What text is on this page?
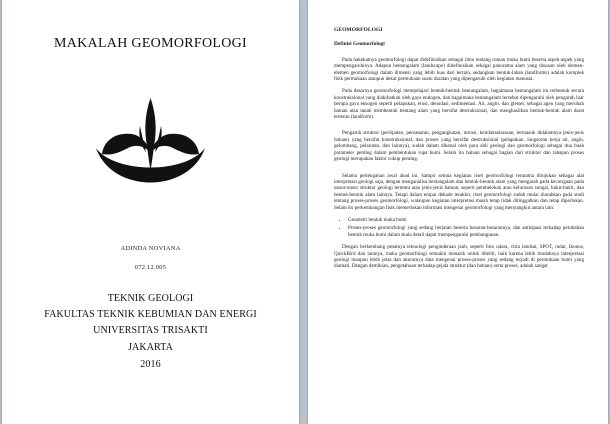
MAKALAH GEOMORFOLOGI
ADINDA NOVIANA
072.12.005
TEKNIK GEOLOGI
FAKULTAS TEKNIK KEBUMIAN DAN ENERGI
UNIVERSITAS TRISAKTI
JAKARTA
2016
GEOMORFOLOGI
Definisi Geomorfologi

Pada hakekatnya geomorfologi dapat didefinisikan sebagai ilmu tentang roman muka bumi beserta aspek-aspek yang mempengaruhinya. Adapun bentangalam (landscape) didefinisikan sebagai panorama alam yang disusun oleh elemen-elemen geomorfologi dalam dimensi yang lebih luas dari terrain, sedangkan bentuk-lahan (landforms) adalah komplek fisik permukaan ataupun dekat permukaan suatu daratan yang dipengaruhi oleh kegiatan manusia.

Pada dasarnya geomorfologi mempelajari bentuk-bentuk bentangalam, bagaimana bentangalam itu terbentuk secara konstruksional yang diakibatkan oleh gaya endogen, dan bagaimana bentangalam tersebut dipengaruhi oleh pengaruh luar berupa gaya eksogen seperti pelapukan, erosi, denudasi, sedimentasi. Air, angin, dan gletser, sebagai agen yang merubah batuan atau tanah membentuk bentang alam yang bersifat destruksional, dan menghasilkan bentuk-bentuk alam darat tertentu (landform).

Pengaruh struktur (perlipatan, pensesaran, pengangkatan, intrusi, ketidakselarasan, termasuk didalamnya jenis-jenis batuan) yang bersifat konstruksional, dan proses yang bersifat destruksional (pelapukan, longsoran kerja air, angin, gelombang, pelarutan, dan lainnya), sudah dalam dikenal oleh para ahli geologi dan geomorfologi sebagai dua buah parameter penting dalam pembentukan rupa bumi. Selain itu batuan sebagai bagian dari struktur dan tahapan proses geologi merupakan faktor cukup penting.

Selama pertengahan awal abad ini, hampir semua kegiatan riset geomorfologi terutama ditujukan sebagai alat interpretasi geologi saja, dengan menganalisa bentangalam dan bentuk-bentuk alam yang mengarah pada kecurigaan pada unsur-unsur struktur geologi tertentu atau jenis-jenis batuan, seperti pembelokan atau kelurusan sungai, bukit-bukit, dan bentuk-bentuk alam lainnya. Tetapi dalam empat dekade terakhir, riset geomorfologi sudah mulai diarahkan pada studi tentang proses-proses geomorfologi, walaupun kegiatan interpretasi masih tetap tidak ditinggalkan dan tetap diperlukan. Selain itu perkembangan fisik memerlukan informasi mengenai geomorfologi yang menyangkut antara lain:

• Geometri bentuk muka bumi
• Proses-proses geomorfologi yang sedang berjalan beserta besaran-besarannya, dan antisipasi terhadap perubahan bentuk muka bumi dalam skala detail dapat mempengaruhi pembangunan.

Dengan berkembang pesatnya teknologi penginderaan jauh, seperti foto udara, citra landsat, SPOT, radar, Ikonos, QuickBird dan lainnya, maka geomorfologi semakin menarik untuk diteliti, baik karena lebih mudahnya interpretasi geologi maupun lebih jelas dan akuratnya data mengenai proses-proses yang sedang terjadi di permukaan bumi yang diamati. Dengan demikian, pengetahuan terhadap gejala struktur (dan batuan) serta proses, adalah sangat
